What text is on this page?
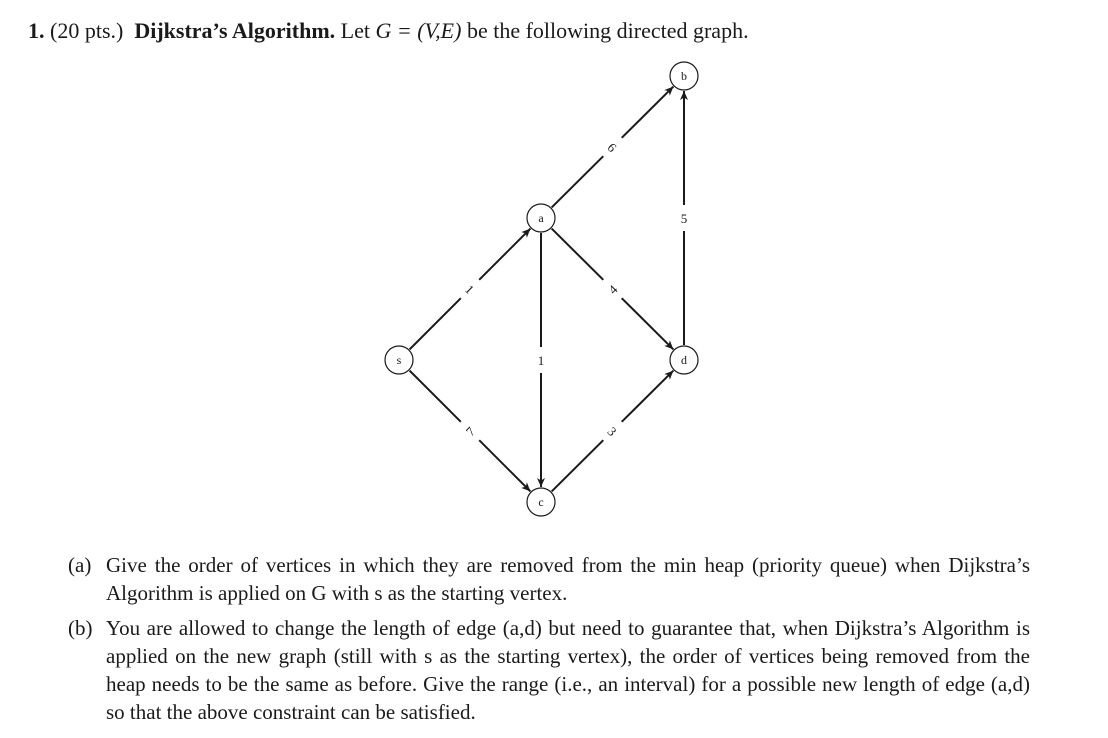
1. (20 pts.) Dijkstra’s Algorithm. Let G = (V,E) be the following directed graph.
1
7
6
1
4
3
5
s
a
b
c
d
(a) Give the order of vertices in which they are removed from the min heap (priority queue) when Dijkstra’s Algorithm is applied on G with s as the starting vertex.
(b) You are allowed to change the length of edge (a,d) but need to guarantee that, when Dijkstra’s Algorithm is applied on the new graph (still with s as the starting vertex), the order of vertices being removed from the heap needs to be the same as before. Give the range (i.e., an interval) for a possible new length of edge (a,d) so that the above constraint can be satisfied.
